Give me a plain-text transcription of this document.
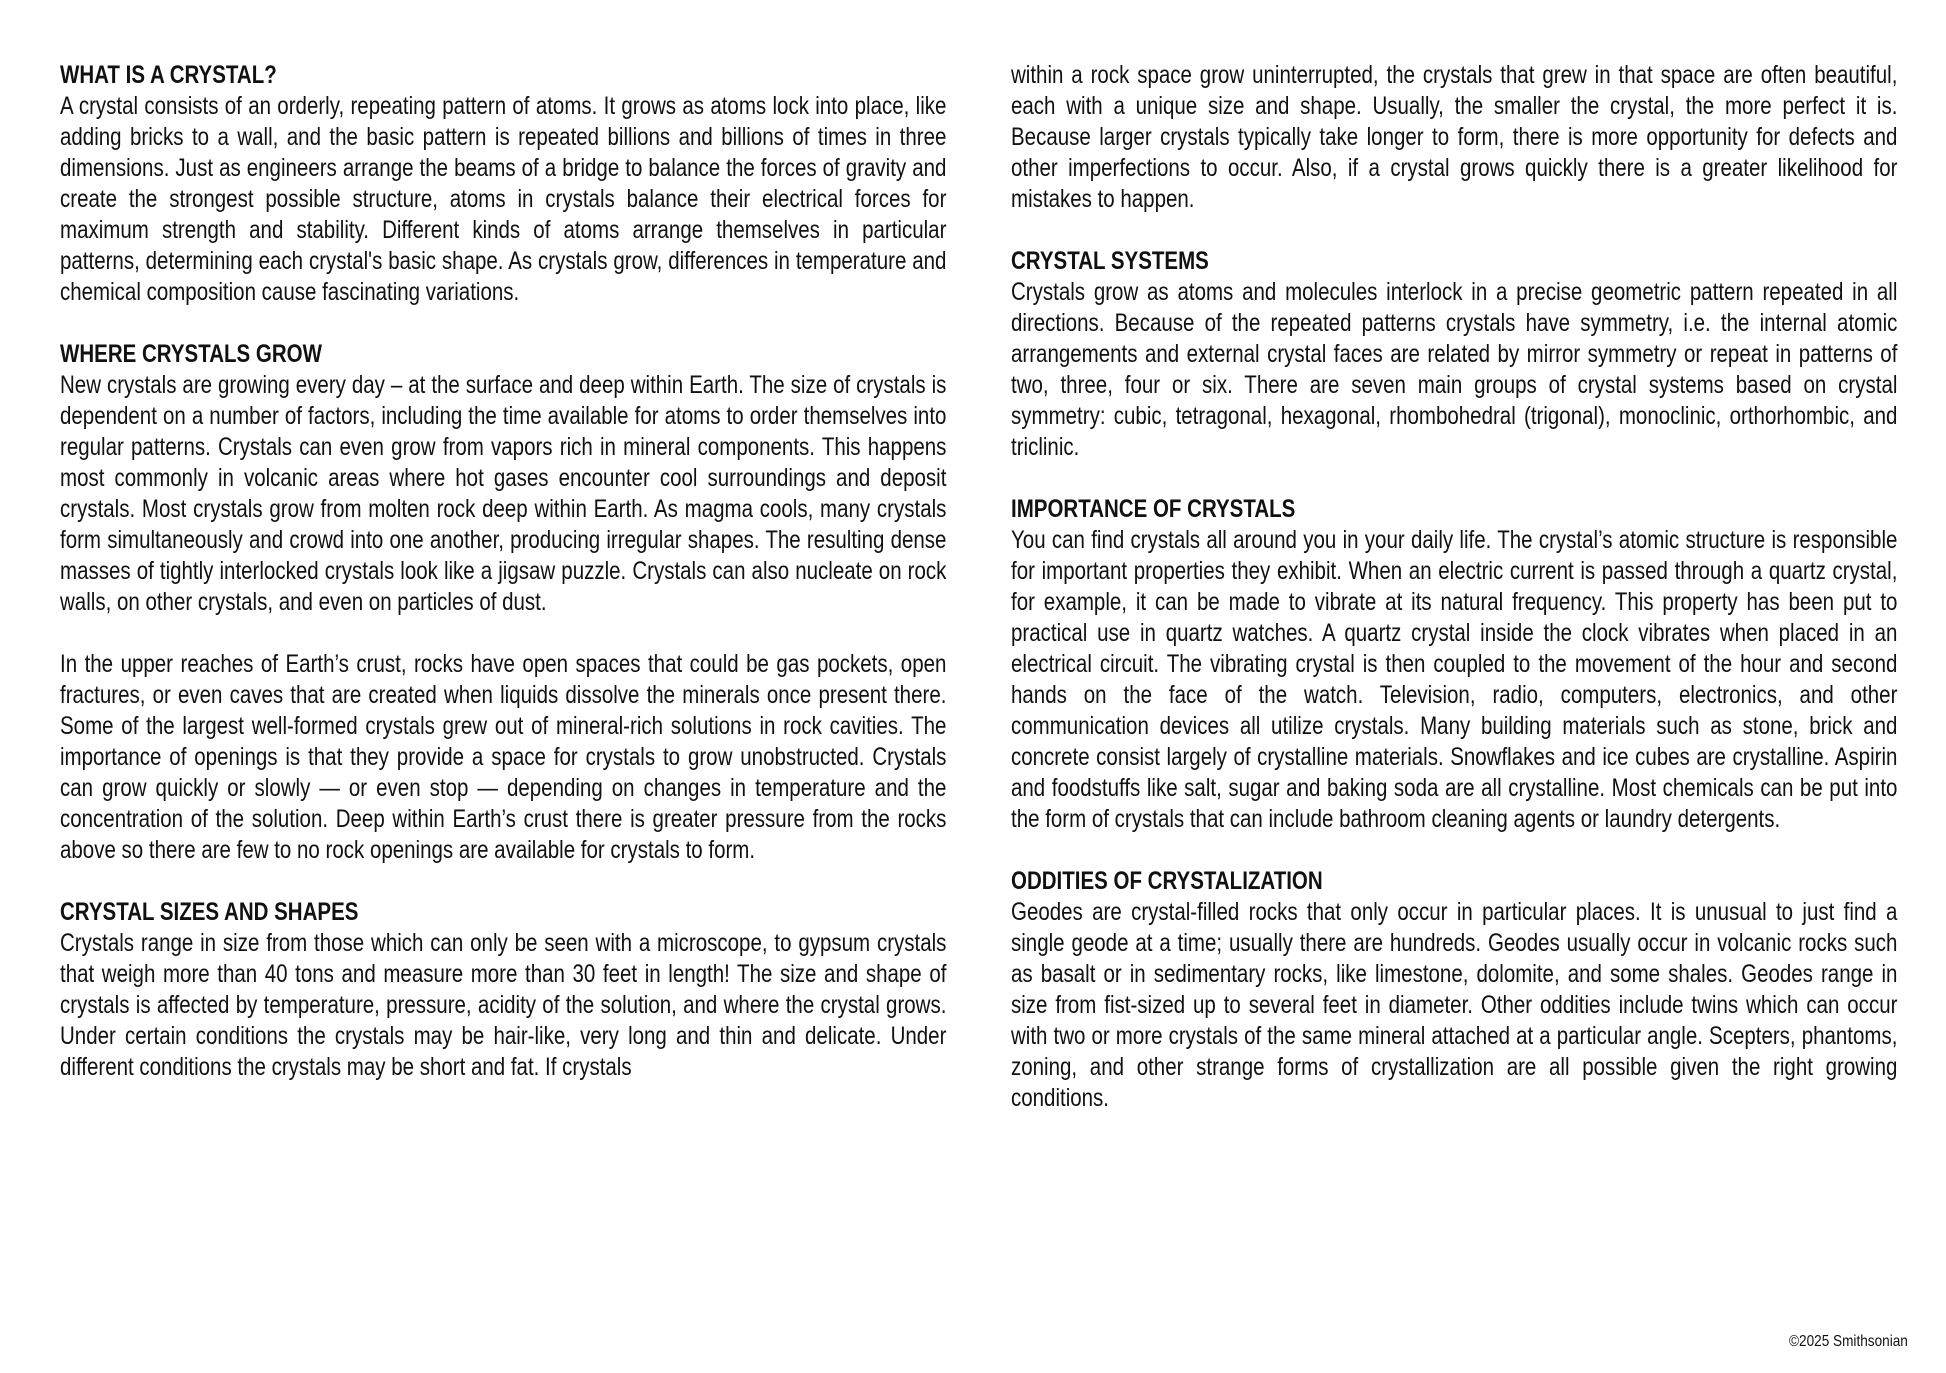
WHAT IS A CRYSTAL?
A crystal consists of an orderly, repeating pattern of atoms. It grows as atoms lock into place, like adding bricks to a wall, and the basic pattern is repeated billions and billions of times in three dimensions. Just as engineers arrange the beams of a bridge to balance the forces of gravity and create the strongest possible structure, atoms in crystals balance their electrical forces for maximum strength and stability. Different kinds of atoms arrange themselves in particular patterns, determining each crystal's basic shape. As crystals grow, differences in temperature and chemical composition cause fascinating variations.
WHERE CRYSTALS GROW
New crystals are growing every day – at the surface and deep within Earth. The size of crystals is dependent on a number of factors, including the time available for atoms to order themselves into regular patterns. Crystals can even grow from vapors rich in mineral components. This happens most commonly in volcanic areas where hot gases encounter cool surroundings and deposit crystals. Most crystals grow from molten rock deep within Earth. As magma cools, many crystals form simultaneously and crowd into one another, producing irregular shapes. The resulting dense masses of tightly interlocked crystals look like a jigsaw puzzle. Crystals can also nucleate on rock walls, on other crystals, and even on particles of dust.
In the upper reaches of Earth’s crust, rocks have open spaces that could be gas pockets, open fractures, or even caves that are created when liquids dissolve the minerals once present there. Some of the largest well-formed crystals grew out of mineral-rich solutions in rock cavities. The importance of openings is that they provide a space for crystals to grow unobstructed. Crystals can grow quickly or slowly — or even stop — depending on changes in temperature and the concentration of the solution. Deep within Earth’s crust there is greater pressure from the rocks above so there are few to no rock openings are available for crystals to form.
CRYSTAL SIZES AND SHAPES
Crystals range in size from those which can only be seen with a microscope, to gypsum crystals that weigh more than 40 tons and measure more than 30 feet in length! The size and shape of crystals is affected by temperature, pressure, acidity of the solution, and where the crystal grows. Under certain conditions the crystals may be hair-like, very long and thin and delicate. Under different conditions the crystals may be short and fat. If crystals
within a rock space grow uninterrupted, the crystals that grew in that space are often beautiful, each with a unique size and shape. Usually, the smaller the crystal, the more perfect it is. Because larger crystals typically take longer to form, there is more opportunity for defects and other imperfections to occur. Also, if a crystal grows quickly there is a greater likelihood for mistakes to happen.
CRYSTAL SYSTEMS
Crystals grow as atoms and molecules interlock in a precise geometric pattern repeated in all directions. Because of the repeated patterns crystals have symmetry, i.e. the internal atomic arrangements and external crystal faces are related by mirror symmetry or repeat in patterns of two, three, four or six. There are seven main groups of crystal systems based on crystal symmetry: cubic, tetragonal, hexagonal, rhombohedral (trigonal), monoclinic, orthorhombic, and triclinic.
IMPORTANCE OF CRYSTALS
You can find crystals all around you in your daily life. The crystal’s atomic structure is responsible for important properties they exhibit. When an electric current is passed through a quartz crystal, for example, it can be made to vibrate at its natural frequency. This property has been put to practical use in quartz watches. A quartz crystal inside the clock vibrates when placed in an electrical circuit. The vibrating crystal is then coupled to the movement of the hour and second hands on the face of the watch. Television, radio, computers, electronics, and other communication devices all utilize crystals. Many building materials such as stone, brick and concrete consist largely of crystalline materials. Snowflakes and ice cubes are crystalline. Aspirin and foodstuffs like salt, sugar and baking soda are all crystalline. Most chemicals can be put into the form of crystals that can include bathroom cleaning agents or laundry detergents.
ODDITIES OF CRYSTALIZATION
Geodes are crystal-filled rocks that only occur in particular places. It is unusual to just find a single geode at a time; usually there are hundreds. Geodes usually occur in volcanic rocks such as basalt or in sedimentary rocks, like limestone, dolomite, and some shales. Geodes range in size from fist-sized up to several feet in diameter. Other oddities include twins which can occur with two or more crystals of the same mineral attached at a particular angle. Scepters, phantoms, zoning, and other strange forms of crystallization are all possible given the right growing conditions.
©2025 Smithsonian
